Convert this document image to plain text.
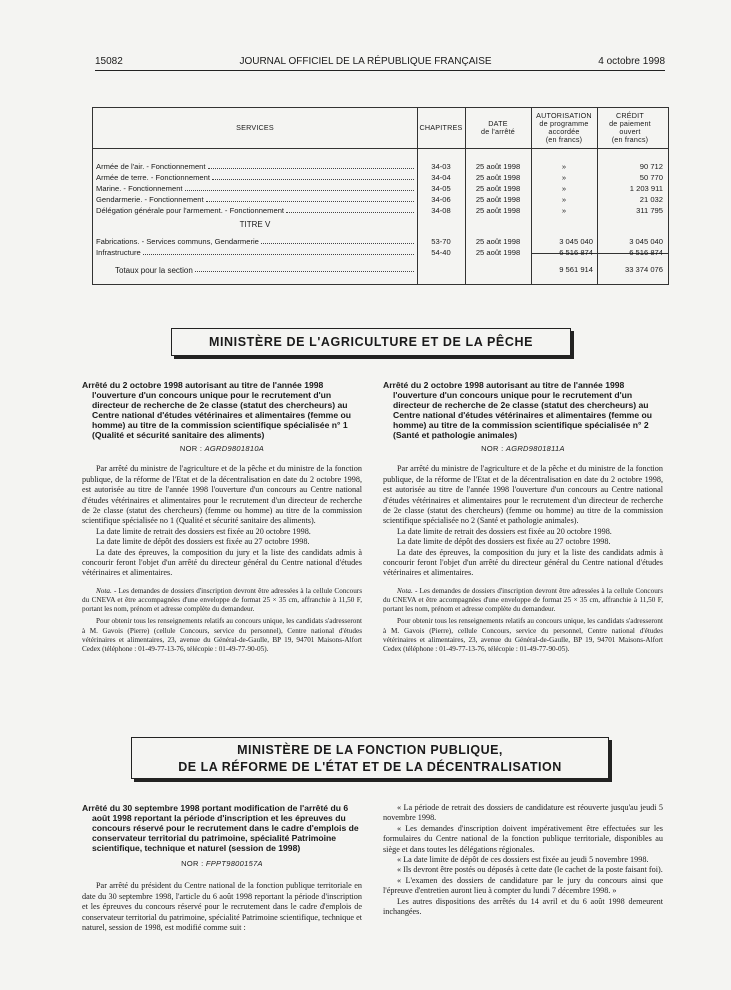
15082	JOURNAL OFFICIEL DE LA RÉPUBLIQUE FRANÇAISE	4 octobre 1998
SERVICES	CHAPITRES	DATE
de l'arrêté
AUTORISATION
de programme
accordée
(en francs)
CRÉDIT
de paiement
ouvert
(en francs)
Armée de l'air. - Fonctionnement	34-03	25 août 1998	»	90 712
Armée de terre. - Fonctionnement	34-04	25 août 1998	»	50 770
Marine. - Fonctionnement	34-05	25 août 1998	»	1 203 911
Gendarmerie. - Fonctionnement	34-06	25 août 1998	»	21 032
Délégation générale pour l'armement. - Fonctionnement	34-08	25 août 1998	»	311 795
TITRE V
Fabrications. - Services communs, Gendarmerie	53-70	25 août 1998	3 045 040	3 045 040
Infrastructure	54-40	25 août 1998	6 516 874	6 516 874
Totaux pour la section	9 561 914	33 374 076
MINISTÈRE DE L'AGRICULTURE ET DE LA PÊCHE

Arrêté du 2 octobre 1998 autorisant au titre de l'année 1998 l'ouverture d'un concours unique pour le recrutement d'un directeur de recherche de 2e classe (statut des chercheurs) au Centre national d'études vétérinaires et alimentaires (femme ou homme) au titre de la commission scientifique spécialisée n° 1 (Qualité et sécurité sanitaire des aliments)

NOR : AGRD9801810A

Par arrêté du ministre de l'agriculture et de la pêche et du ministre de la fonction publique, de la réforme de l'Etat et de la décentralisation en date du 2 octobre 1998, est autorisée au titre de l'année 1998 l'ouverture d'un concours au Centre national d'études vétérinaires et alimentaires pour le recrutement d'un directeur de recherche de 2e classe (statut des chercheurs) (femme ou homme) au titre de la commission scientifique spécialisée no 1 (Qualité et sécurité sanitaire des aliments).

La date limite de retrait des dossiers est fixée au 20 octobre 1998.

La date limite de dépôt des dossiers est fixée au 27 octobre 1998.

La date des épreuves, la composition du jury et la liste des candidats admis à concourir feront l'objet d'un arrêté du directeur général du Centre national d'études vétérinaires et alimentaires.

Nota. - Les demandes de dossiers d'inscription devront être adressées à la cellule Concours du CNEVA et être accompagnées d'une enveloppe de format 25 × 35 cm, affranchie à 11,50 F, portant les nom, prénom et adresse complète du demandeur.

Pour obtenir tous les renseignements relatifs au concours unique, les candidats s'adresseront à M. Gavois (Pierre) (cellule Concours, service du personnel), Centre national d'études vétérinaires et alimentaires, 23, avenue du Général-de-Gaulle, BP 19, 94701 Maisons-Alfort Cedex (téléphone : 01-49-77-13-76, télécopie : 01-49-77-90-05).

Arrêté du 2 octobre 1998 autorisant au titre de l'année 1998 l'ouverture d'un concours unique pour le recrutement d'un directeur de recherche de 2e classe (statut des chercheurs) au Centre national d'études vétérinaires et alimentaires (femme ou homme) au titre de la commission scientifique spécialisée n° 2 (Santé et pathologie animales)

NOR : AGRD9801811A

Par arrêté du ministre de l'agriculture et de la pêche et du ministre de la fonction publique, de la réforme de l'Etat et de la décentralisation en date du 2 octobre 1998, est autorisée au titre de l'année 1998 l'ouverture d'un concours au Centre national d'études vétérinaires et alimentaires pour le recrutement d'un directeur de recherche de 2e classe (statut des chercheurs) (femme ou homme) au titre de la commission scientifique spécialisée no 2 (Santé et pathologie animales).

La date limite de retrait des dossiers est fixée au 20 octobre 1998.

La date limite de dépôt des dossiers est fixée au 27 octobre 1998.

La date des épreuves, la composition du jury et la liste des candidats admis à concourir feront l'objet d'un arrêté du directeur général du Centre national d'études vétérinaires et alimentaires.

Nota. - Les demandes de dossiers d'inscription devront être adressées à la cellule Concours du CNEVA et être accompagnées d'une enveloppe de format 25 × 35 cm, affranchie à 11,50 F, portant les nom, prénom et adresse complète du demandeur.

Pour obtenir tous les renseignements relatifs au concours unique, les candidats s'adresseront à M. Gavois (Pierre), cellule Concours, service du personnel, Centre national d'études vétérinaires et alimentaires, 23, avenue du Général-de-Gaulle, BP 19, 94701 Maisons-Alfort Cedex (téléphone : 01-49-77-13-76, télécopie : 01-49-77-90-05).

MINISTÈRE DE LA FONCTION PUBLIQUE,
DE LA RÉFORME DE L'ÉTAT ET DE LA DÉCENTRALISATION

Arrêté du 30 septembre 1998 portant modification de l'arrêté du 6 août 1998 reportant la période d'inscription et les épreuves du concours réservé pour le recrutement dans le cadre d'emplois de conservateur territorial du patrimoine, spécialité Patrimoine scientifique, technique et naturel (session de 1998)

NOR : FPPT9800157A

Par arrêté du président du Centre national de la fonction publique territoriale en date du 30 septembre 1998, l'article du 6 août 1998 reportant la période d'inscription et les épreuves du concours réservé pour le recrutement dans le cadre d'emplois de conservateur territorial du patrimoine, spécialité Patrimoine scientifique, technique et naturel, session de 1998, est modifié comme suit :

« La période de retrait des dossiers de candidature est réouverte jusqu'au jeudi 5 novembre 1998.

« Les demandes d'inscription doivent impérativement être effectuées sur les formulaires du Centre national de la fonction publique territoriale, disponibles au siège et dans toutes les délégations régionales.

« La date limite de dépôt de ces dossiers est fixée au jeudi 5 novembre 1998.

« Ils devront être postés ou déposés à cette date (le cachet de la poste faisant foi).

« L'examen des dossiers de candidature par le jury du concours ainsi que l'épreuve d'entretien auront lieu à compter du lundi 7 décembre 1998. »

Les autres dispositions des arrêtés du 14 avril et du 6 août 1998 demeurent inchangées.
